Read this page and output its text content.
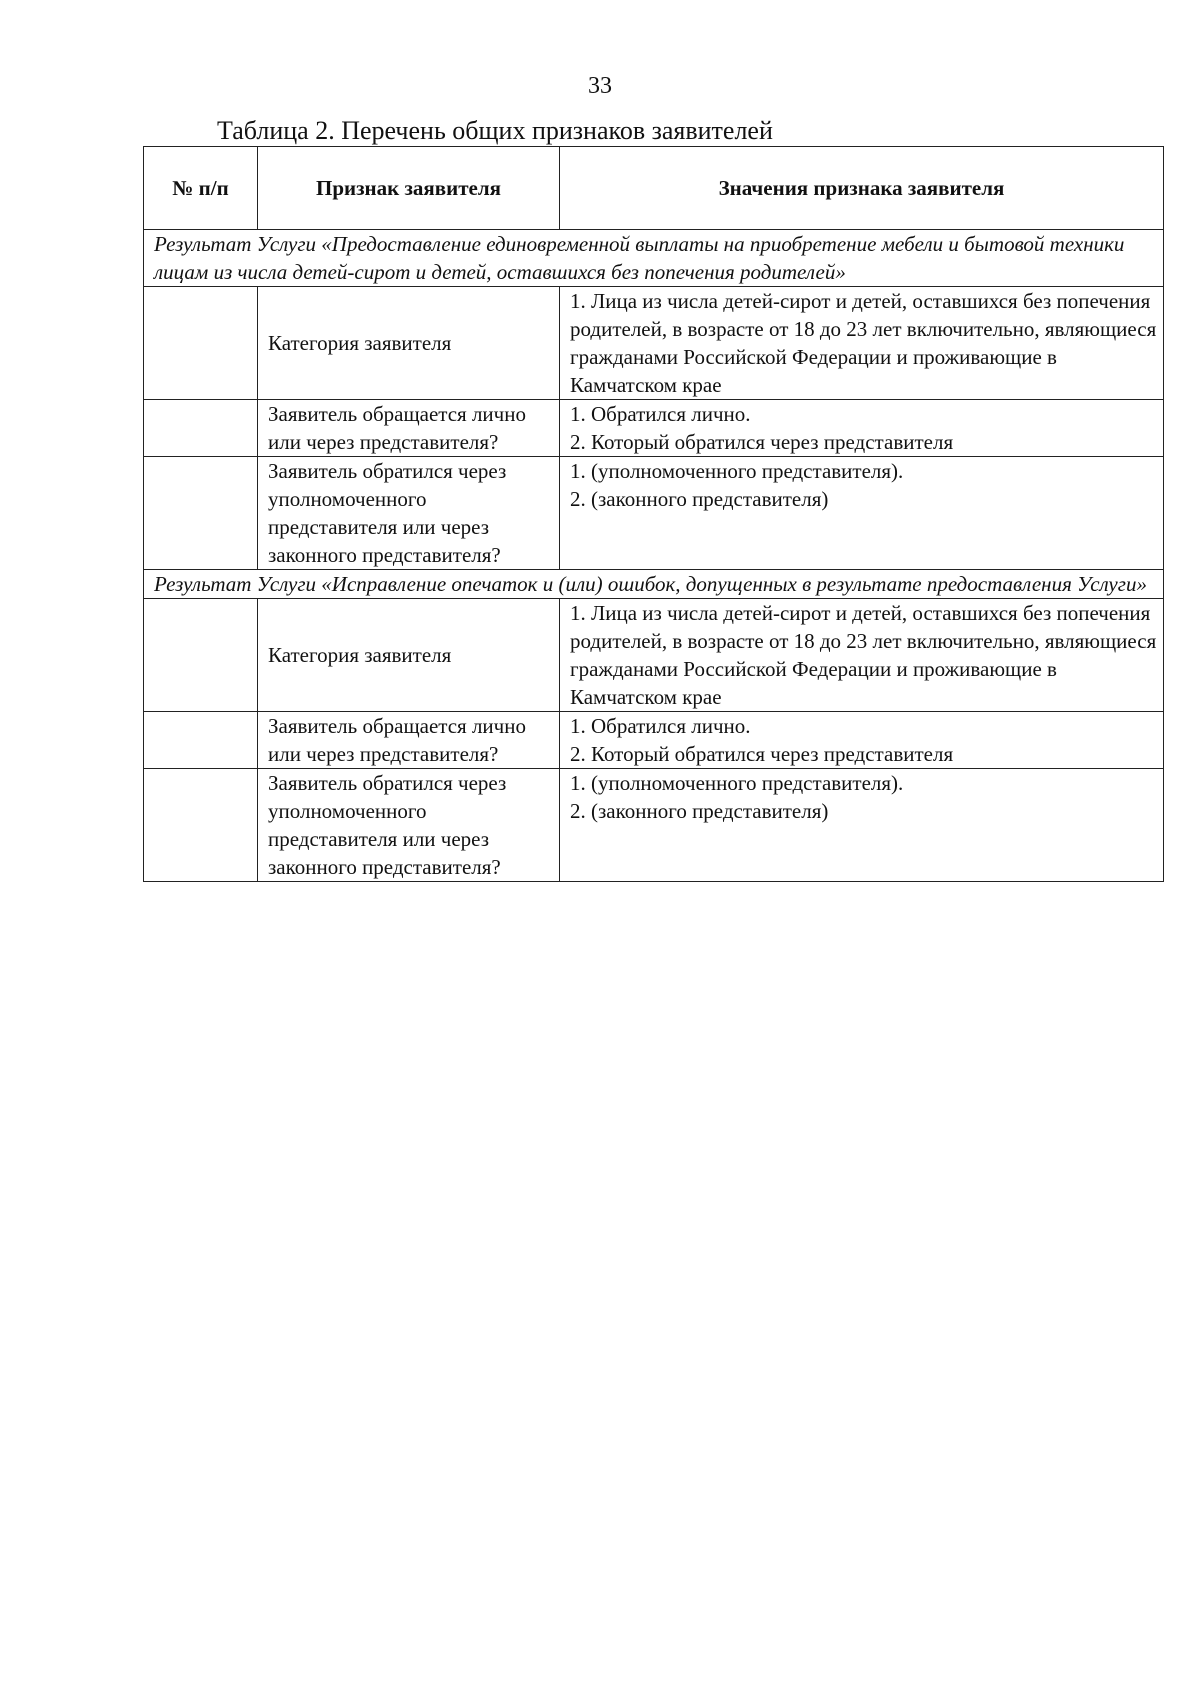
33
Таблица 2. Перечень общих признаков заявителей
№ п/п	Признак заявителя	Значения признака заявителя
Результат Услуги «Предоставление единовременной выплаты на приобретение мебели и бытовой техники лицам из числа детей-сирот и детей, оставшихся без попечения родителей»		
	Категория заявителя	1. Лица из числа детей-сирот и детей, оставшихся без попечения родителей, в возрасте от 18 до 23 лет включительно, являющиеся гражданами Российской Федерации и проживающие в Камчатском крае

	Заявитель обращается лично или через представителя?	1. Обратился лично.
2. Который обратился через представителя

	Заявитель обратился через уполномоченного представителя или через законного представителя?	1. (уполномоченного представителя).
2. (законного представителя)

Результат Услуги «Исправление опечаток и (или) ошибок, допущенных в результате предоставления Услуги»		
	Категория заявителя	1. Лица из числа детей-сирот и детей, оставшихся без попечения родителей, в возрасте от 18 до 23 лет включительно, являющиеся гражданами Российской Федерации и проживающие в Камчатском крае

	Заявитель обращается лично или через представителя?	1. Обратился лично.
2. Который обратился через представителя

	Заявитель обратился через уполномоченного представителя или через законного представителя?	1. (уполномоченного представителя).
2. (законного представителя)
